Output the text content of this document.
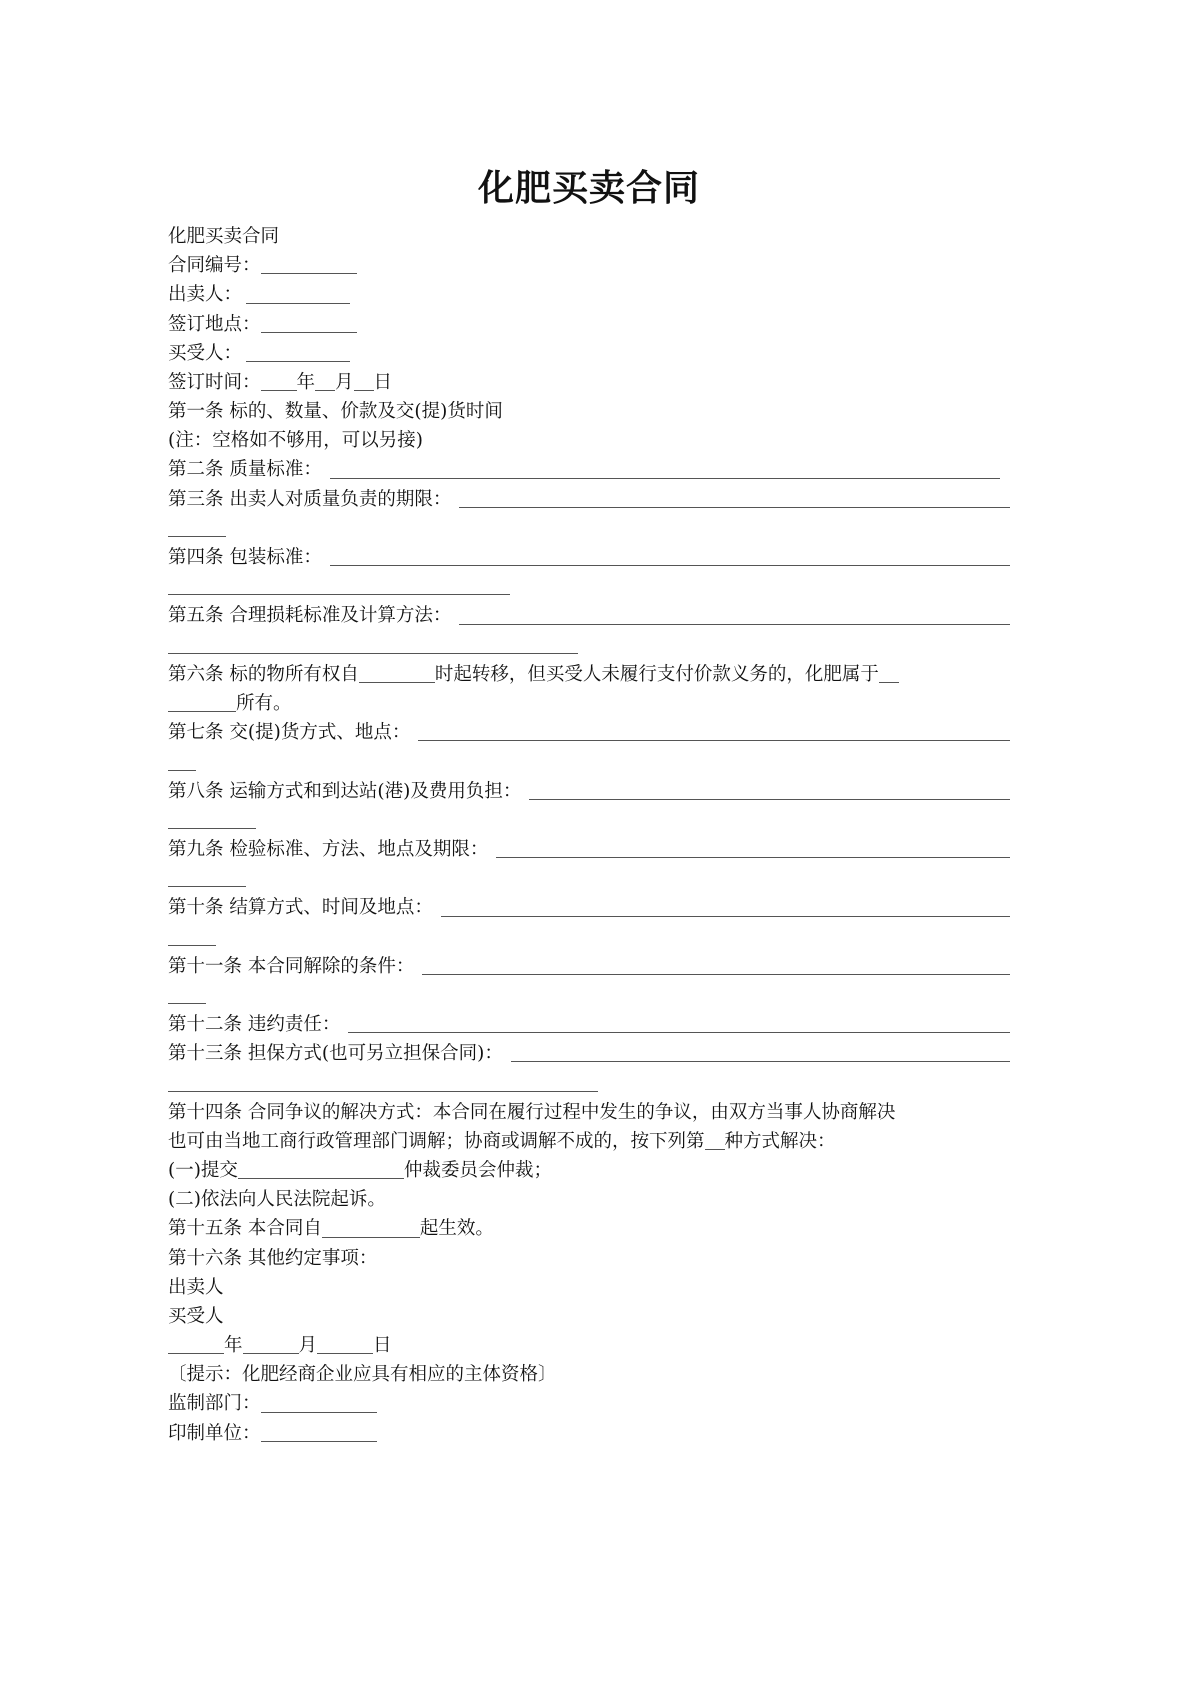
化肥买卖合同
化肥买卖合同
合同编号：
出卖人：
签订地点：
买受人：
签订时间： 年 月 日
第一条 标的、数量、价款及交(提)货时间
(注：空格如不够用，可以另接)
第二条 质量标准：
第三条 出卖人对质量负责的期限：
第四条 包装标准：
第五条 合理损耗标准及计算方法：
第六条 标的物所有权自	时起转移，但买受人未履行支付价款义务的，化肥属于
所有。
第七条 交(提)货方式、地点：
第八条 运输方式和到达站(港)及费用负担：
第九条 检验标准、方法、地点及期限：
第十条 结算方式、时间及地点：
第十一条 本合同解除的条件：
第十二条 违约责任：
第十三条 担保方式(也可另立担保合同)：
第十四条 合同争议的解决方式：本合同在履行过程中发生的争议，由双方当事人协商解决
也可由当地工商行政管理部门调解；协商或调解不成的，按下列第 种方式解决：
(一)提交	仲裁委员会仲裁；
(二)依法向人民法院起诉。
第十五条 本合同自	起生效。
第十六条 其他约定事项：
出卖人
买受人
年	月	日
〔提示：化肥经商企业应具有相应的主体资格〕
监制部门：
印制单位：
